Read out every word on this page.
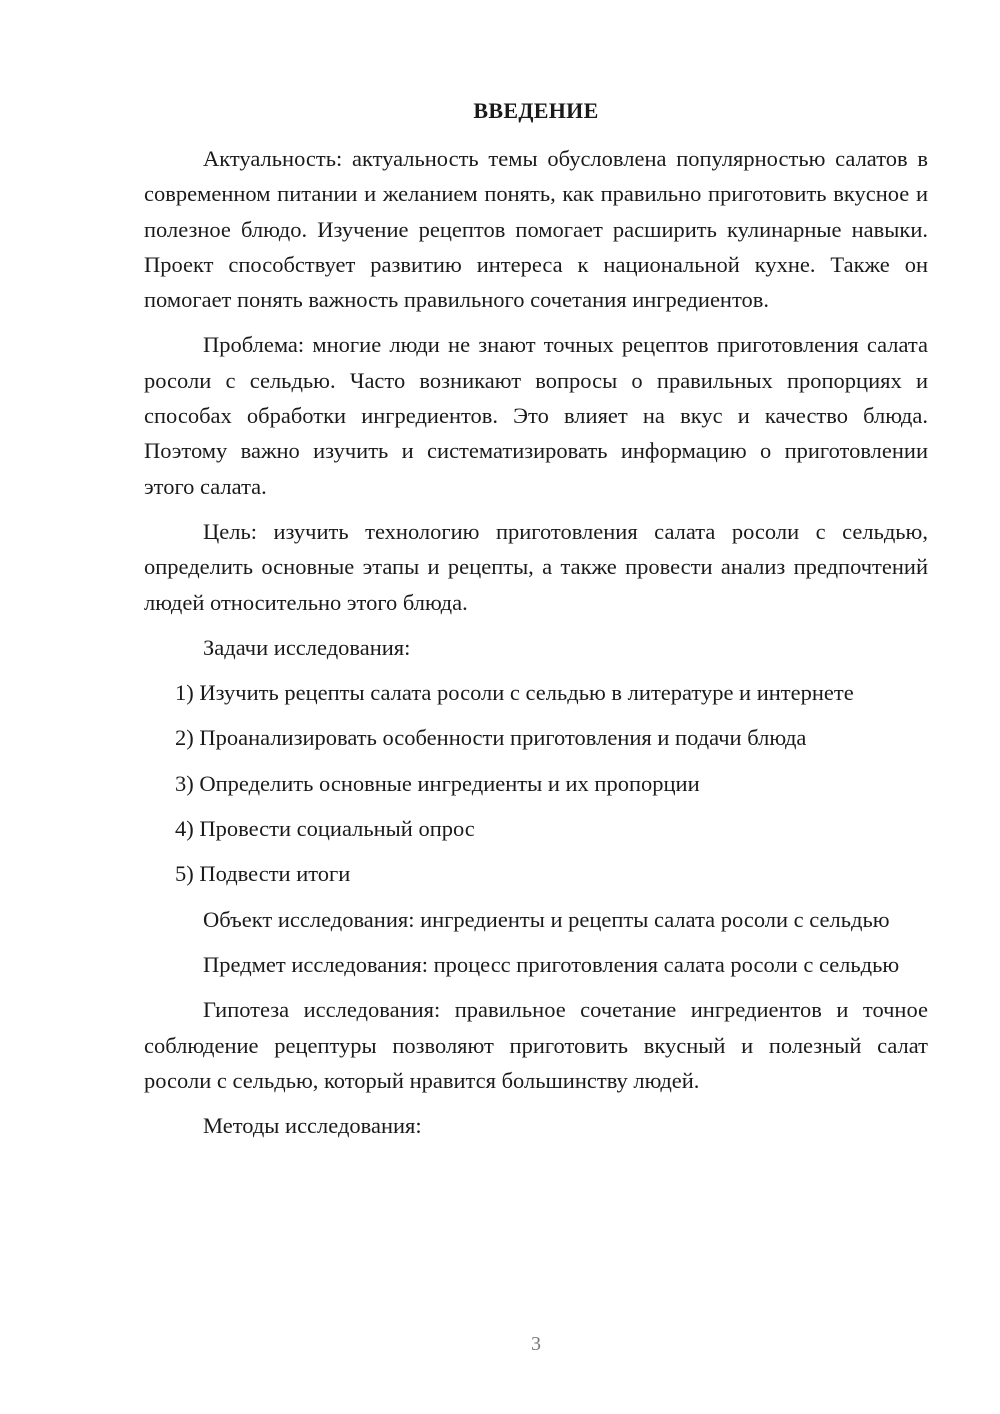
ВВЕДЕНИЕ

Актуальность: актуальность темы обусловлена популярностью салатов в современном питании и желанием понять, как правильно приготовить вкусное и полезное блюдо. Изучение рецептов помогает расширить кулинарные навыки. Проект способствует развитию интереса к национальной кухне. Также он помогает понять важность правильного сочетания ингредиентов.

Проблема: многие люди не знают точных рецептов приготовления салата росоли с сельдью. Часто возникают вопросы о правильных пропорциях и способах обработки ингредиентов. Это влияет на вкус и качество блюда. Поэтому важно изучить и систематизировать информацию о приготовлении этого салата.

Цель: изучить технологию приготовления салата росоли с сельдью, определить основные этапы и рецепты, а также провести анализ предпочтений людей относительно этого блюда.

Задачи исследования:

1) Изучить рецепты салата росоли с сельдью в литературе и интернете
2) Проанализировать особенности приготовления и подачи блюда
3) Определить основные ингредиенты и их пропорции
4) Провести социальный опрос
5) Подвести итоги

Объект исследования: ингредиенты и рецепты салата росоли с сельдью

Предмет исследования: процесс приготовления салата росоли с сельдью

Гипотеза исследования: правильное сочетание ингредиентов и точное соблюдение рецептуры позволяют приготовить вкусный и полезный салат росоли с сельдью, который нравится большинству людей.

Методы исследования:

3
